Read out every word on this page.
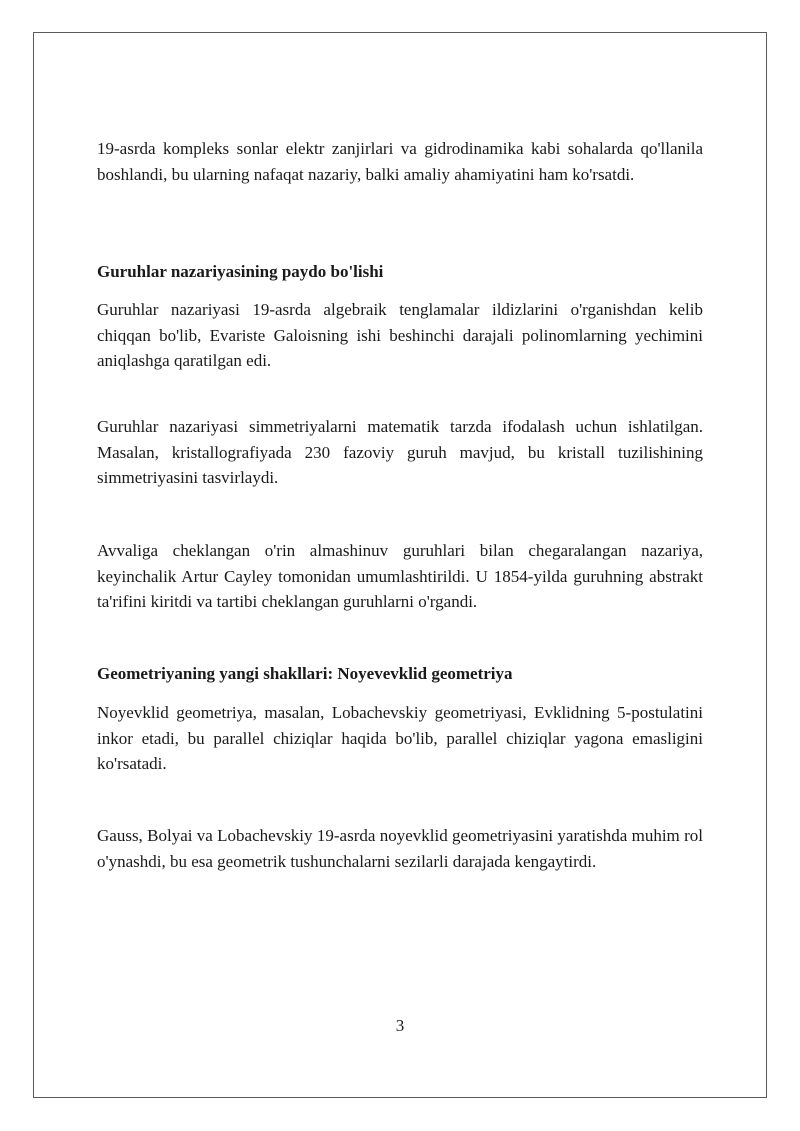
19-asrda kompleks sonlar elektr zanjirlari va gidrodinamika kabi sohalarda qo'llanila boshlandi, bu ularning nafaqat nazariy, balki amaliy ahamiyatini ham ko'rsatdi.

Guruhlar nazariyasining paydo bo'lishi

Guruhlar nazariyasi 19-asrda algebraik tenglamalar ildizlarini o'rganishdan kelib chiqqan bo'lib, Evariste Galoisning ishi beshinchi darajali polinomlarning yechimini aniqlashga qaratilgan edi.

Guruhlar nazariyasi simmetriyalarni matematik tarzda ifodalash uchun ishlatilgan. Masalan, kristallografiyada 230 fazoviy guruh mavjud, bu kristall tuzilishining simmetriyasini tasvirlaydi.

Avvaliga cheklangan o'rin almashinuv guruhlari bilan chegaralangan nazariya, keyinchalik Artur Cayley tomonidan umumlashtirildi. U 1854-yilda guruhning abstrakt ta'rifini kiritdi va tartibi cheklangan guruhlarni o'rgandi.

Geometriyaning yangi shakllari: Noyevevklid geometriya

Noyevklid geometriya, masalan, Lobachevskiy geometriyasi, Evklidning 5-postulatini inkor etadi, bu parallel chiziqlar haqida bo'lib, parallel chiziqlar yagona emasligini ko'rsatadi.

Gauss, Bolyai va Lobachevskiy 19-asrda noyevklid geometriyasini yaratishda muhim rol o'ynashdi, bu esa geometrik tushunchalarni sezilarli darajada kengaytirdi.

3
